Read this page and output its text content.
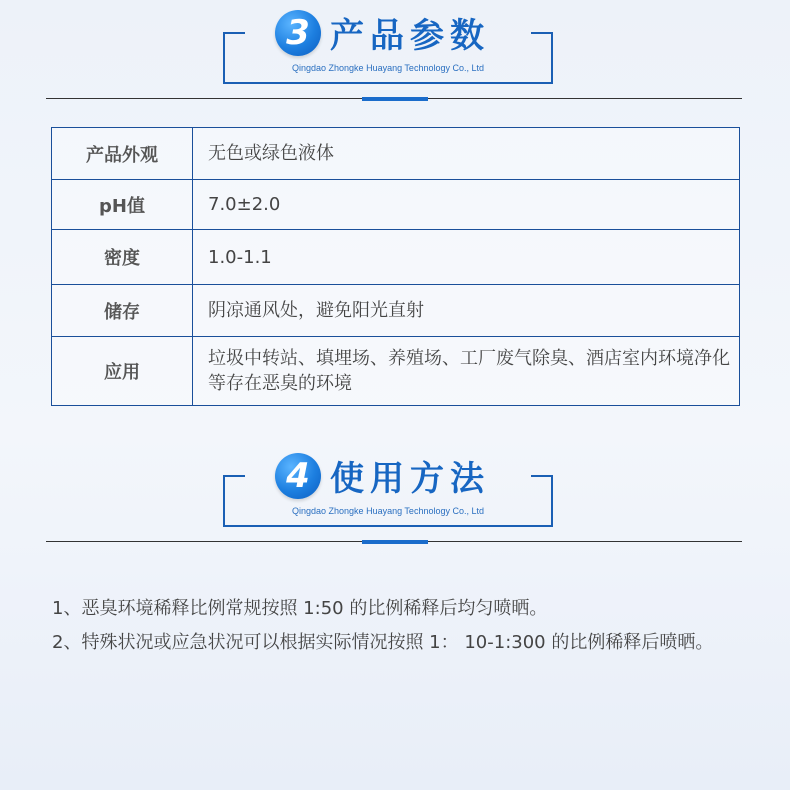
3 产品参数
Qingdao Zhongke Huayang Technology Co., Ltd
产品外观	无色或绿色液体
pH值	7.0±2.0
密度	1.0-1.1
储存	阴凉通风处，避免阳光直射
应用	垃圾中转站、填埋场、养殖场、工厂废气除臭、酒店室内环境净化等存在恶臭的环境
4 使用方法
Qingdao Zhongke Huayang Technology Co., Ltd

1、恶臭环境稀释比例常规按照 1:50 的比例稀释后均匀喷晒。

2、特殊状况或应急状况可以根据实际情况按照 1： 10-1:300 的比例稀释后喷晒。
